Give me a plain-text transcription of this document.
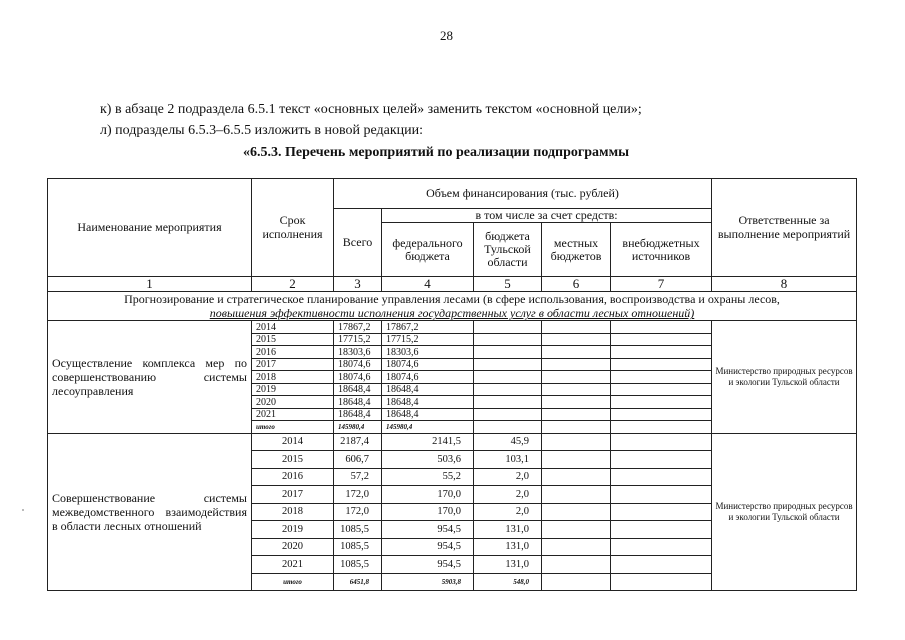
28
к) в абзаце 2 подраздела 6.5.1 текст «основных целей» заменить текстом «основной цели»;
л) подразделы 6.5.3–6.5.5 изложить в новой редакции:
«6.5.3. Перечень мероприятий по реализации подпрограммы
Наименование мероприятия	Срок исполнения	Объем финансирования (тыс. рублей)					Ответственные за выполнение мероприятий
		Всего	в том числе за счет средств:				
			федерального бюджета	бюджета Тульской области	местных бюджетов	внебюджетных источников	
1	2	3	4	5	6	7	8
Прогнозирование и стратегическое планирование управления лесами (в сфере использования, воспроизводства и охраны лесов,
повышения эффективности исполнения государственных услуг в области лесных отношений)							
Осуществление комплекса мер по совершенствованию системы лесоуправления	2014	17867,2	17867,2				Министерство природных ресурсов и экологии Тульской области
	2015	17715,2	17715,2				
	2016	18303,6	18303,6				
	2017	18074,6	18074,6				
	2018	18074,6	18074,6				
	2019	18648,4	18648,4				
	2020	18648,4	18648,4				
	2021	18648,4	18648,4				
	итого	145980,4	145980,4				
Совершенствование системы межведомственного взаимодействия в области лесных отношений	2014	2187,4	2141,5	45,9			Министерство природных ресурсов и экологии Тульской области
	2015	606,7	503,6	103,1			
	2016	57,2	55,2	2,0			
	2017	172,0	170,0	2,0			
	2018	172,0	170,0	2,0			
	2019	1085,5	954,5	131,0			
	2020	1085,5	954,5	131,0			
	2021	1085,5	954,5	131,0			
	итого	6451,8	5903,8	548,0			
